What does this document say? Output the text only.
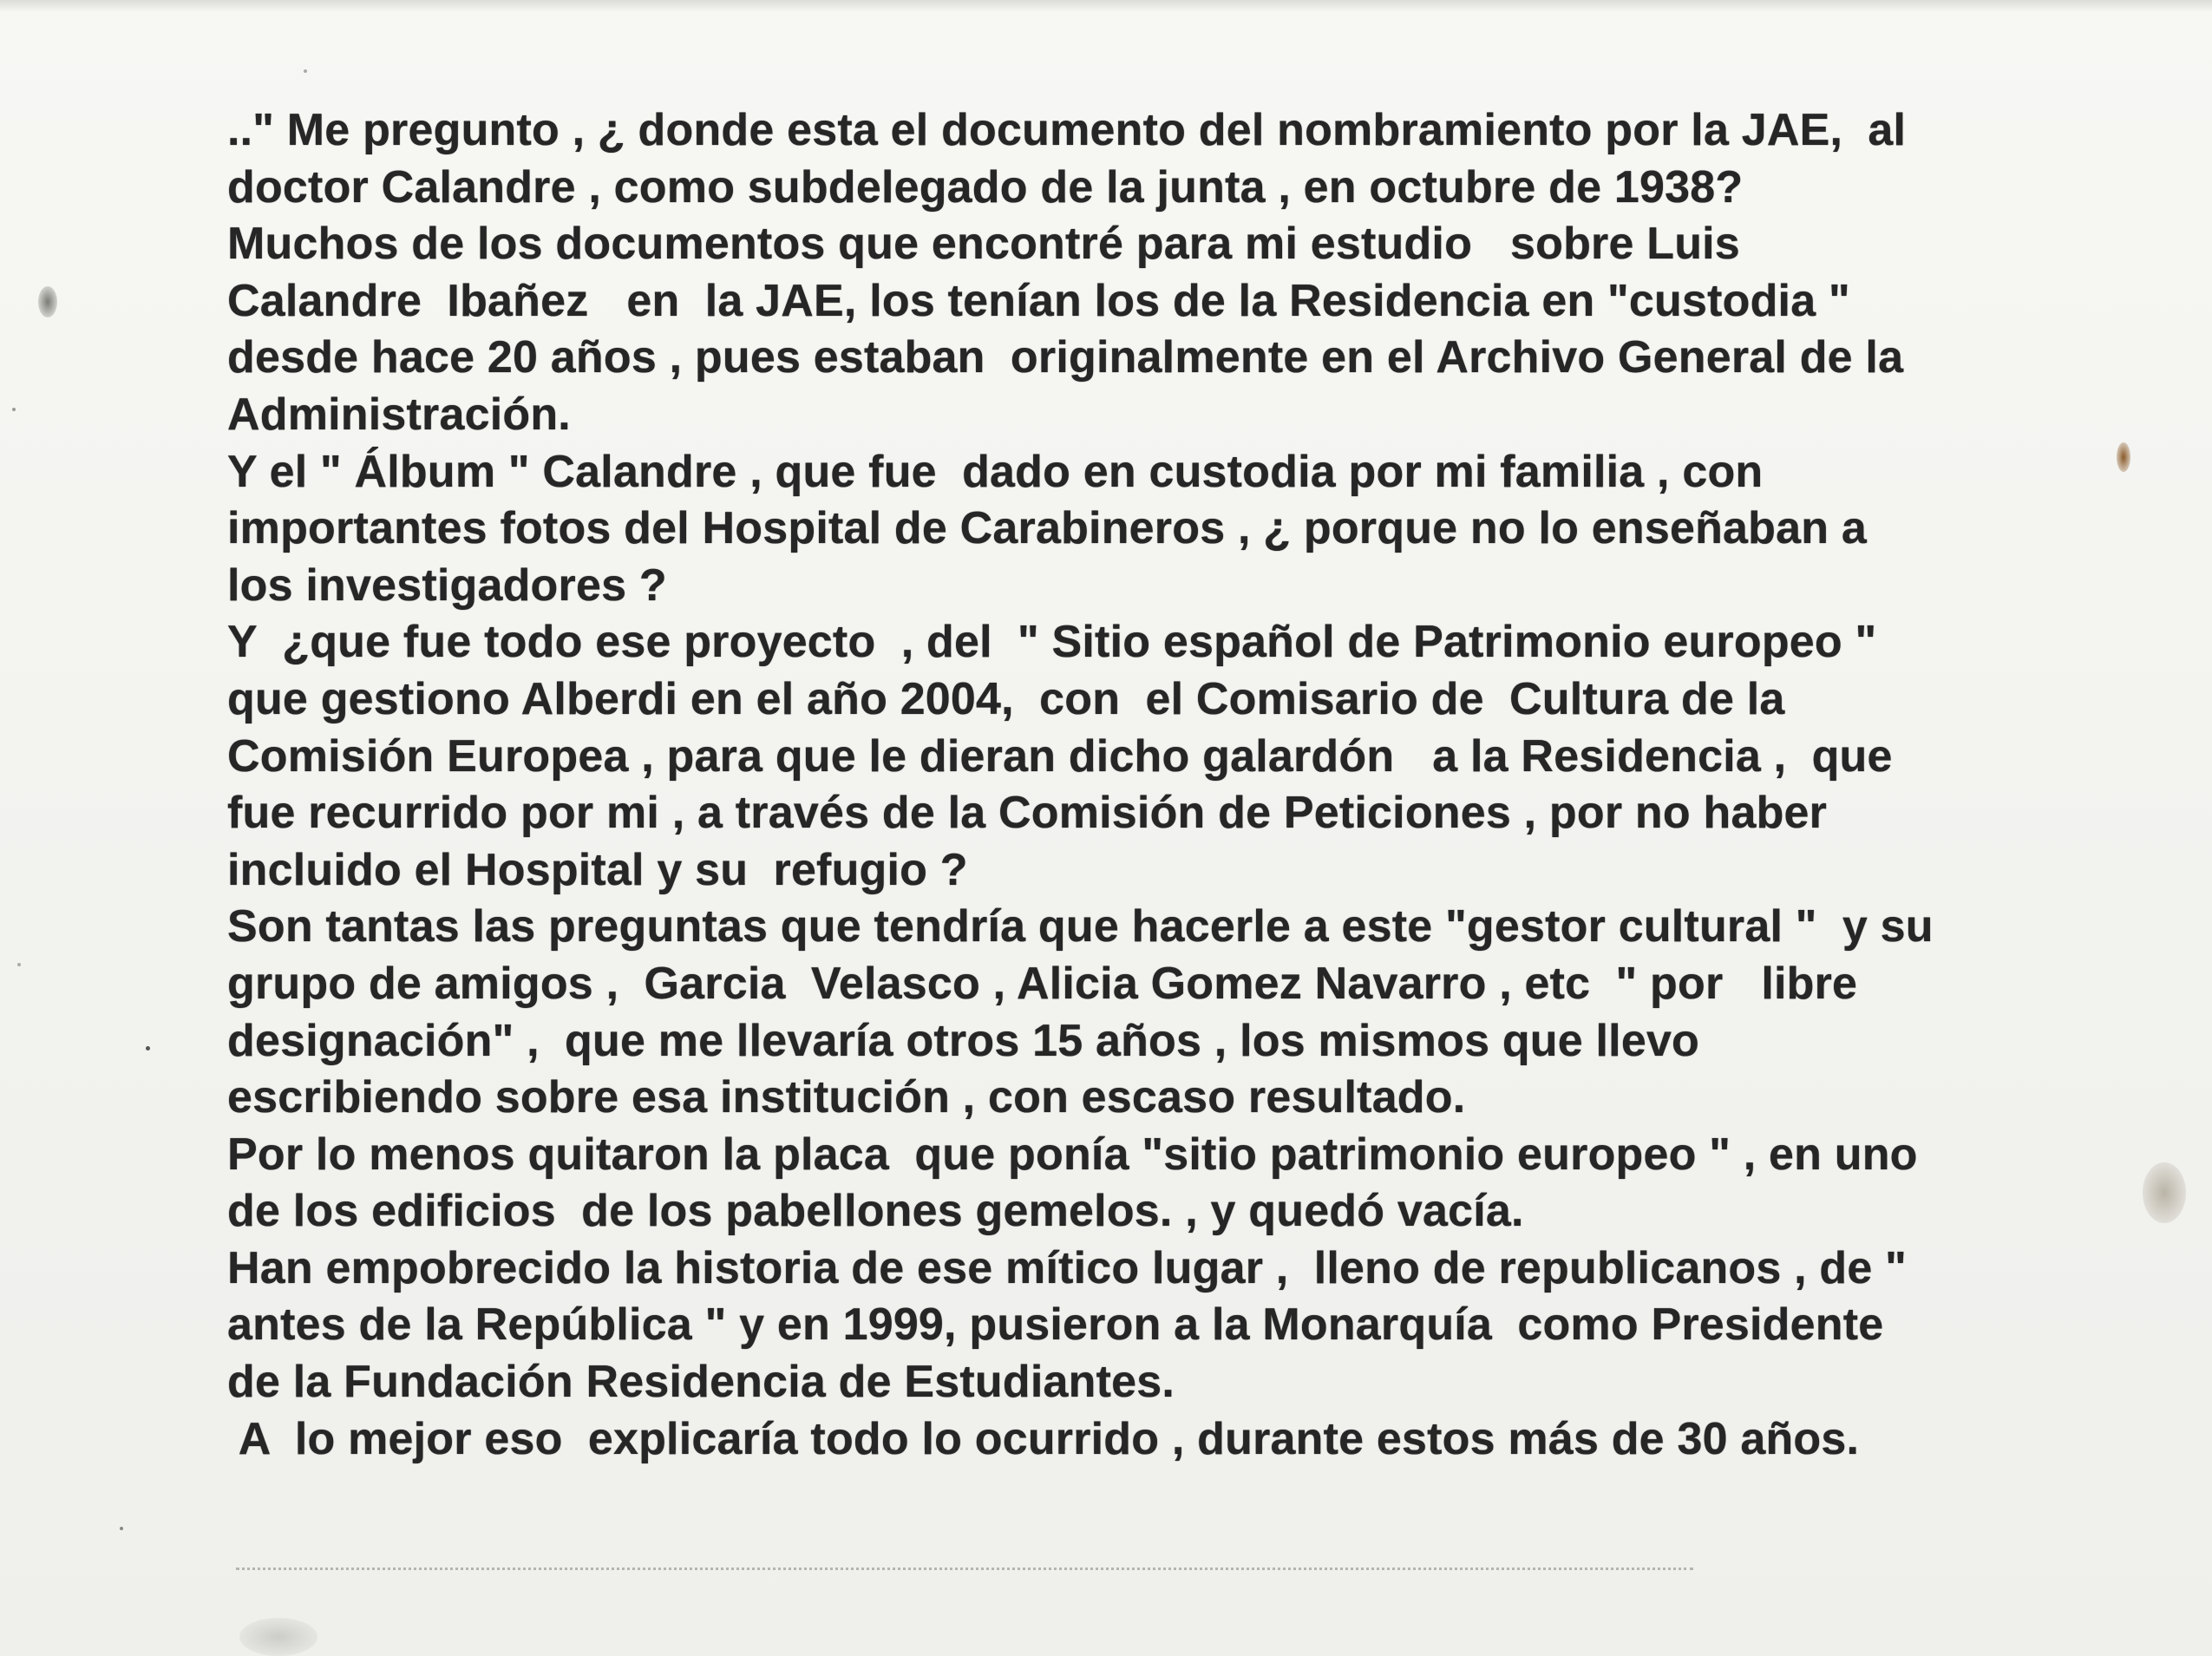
.." Me pregunto , ¿ donde esta el documento del nombramiento por la JAE,  al
doctor Calandre , como subdelegado de la junta , en octubre de 1938?
Muchos de los documentos que encontré para mi estudio   sobre Luis
Calandre  Ibañez   en  la JAE, los tenían los de la Residencia en "custodia "
desde hace 20 años , pues estaban  originalmente en el Archivo General de la
Administración.
Y el " Álbum " Calandre , que fue  dado en custodia por mi familia , con
importantes fotos del Hospital de Carabineros , ¿ porque no lo enseñaban a
los investigadores ?
Y  ¿que fue todo ese proyecto  , del  " Sitio español de Patrimonio europeo "
que gestiono Alberdi en el año 2004,  con  el Comisario de  Cultura de la
Comisión Europea , para que le dieran dicho galardón   a la Residencia ,  que
fue recurrido por mi , a través de la Comisión de Peticiones , por no haber
incluido el Hospital y su  refugio ?
Son tantas las preguntas que tendría que hacerle a este "gestor cultural "  y su
grupo de amigos ,  Garcia  Velasco , Alicia Gomez Navarro , etc  " por   libre
designación" ,  que me llevaría otros 15 años , los mismos que llevo
escribiendo sobre esa institución , con escaso resultado.
Por lo menos quitaron la placa  que ponía "sitio patrimonio europeo " , en uno
de los edificios  de los pabellones gemelos. , y quedó vacía.
Han empobrecido la historia de ese mítico lugar ,  lleno de republicanos , de "
antes de la República " y en 1999, pusieron a la Monarquía  como Presidente
de la Fundación Residencia de Estudiantes.
A  lo mejor eso  explicaría todo lo ocurrido , durante estos más de 30 años.
